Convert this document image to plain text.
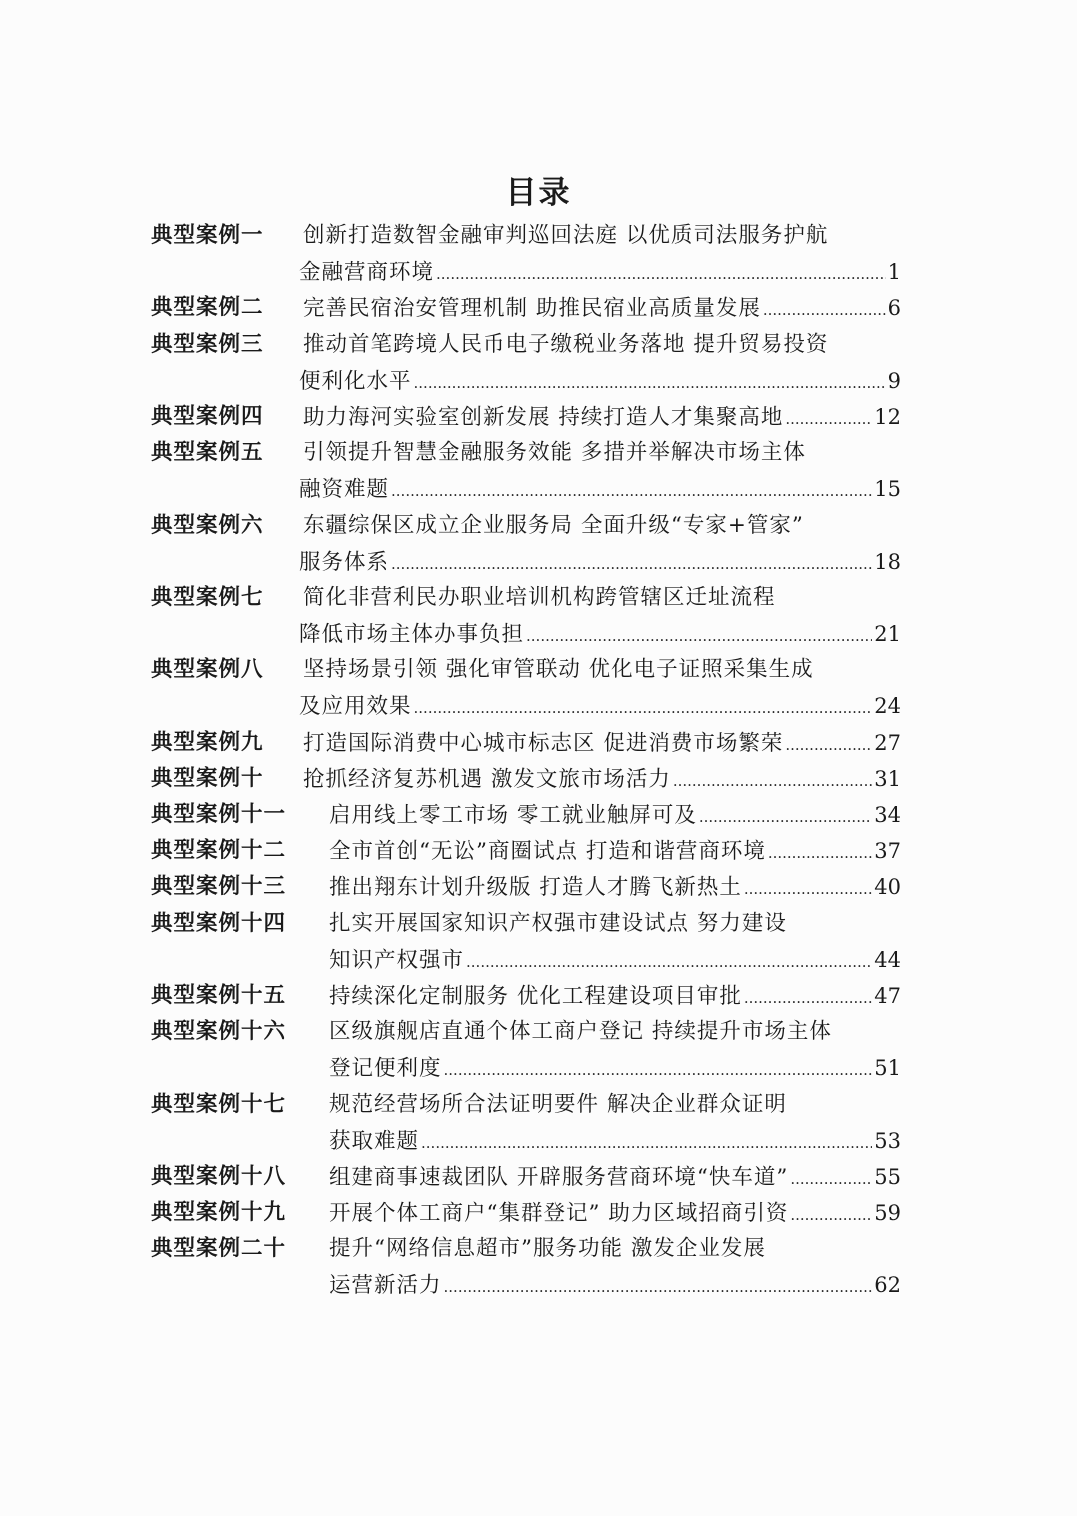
目录
典型案例一 创新打造数智金融审判巡回法庭 以优质司法服务护航
金融营商环境 .....	1
典型案例二 完善民宿治安管理机制 助推民宿业高质量发展 .....	6
典型案例三 推动首笔跨境人民币电子缴税业务落地 提升贸易投资
便利化水平 .....	9
典型案例四 助力海河实验室创新发展 持续打造人才集聚高地 .....	12
典型案例五 引领提升智慧金融服务效能 多措并举解决市场主体
融资难题 .....	15
典型案例六 东疆综保区成立企业服务局 全面升级“专家+管家”
服务体系 .....	18
典型案例七 简化非营利民办职业培训机构跨管辖区迁址流程
降低市场主体办事负担 .....	21
典型案例八 坚持场景引领 强化审管联动 优化电子证照采集生成
及应用效果 .....	24
典型案例九 打造国际消费中心城市标志区 促进消费市场繁荣 .....	27
典型案例十 抢抓经济复苏机遇 激发文旅市场活力 .....	31
典型案例十一 启用线上零工市场 零工就业触屏可及 .....	34
典型案例十二 全市首创“无讼”商圈试点 打造和谐营商环境 .....	37
典型案例十三 推出翔东计划升级版 打造人才腾飞新热土 .....	40
典型案例十四 扎实开展国家知识产权强市建设试点 努力建设
知识产权强市 .....	44
典型案例十五 持续深化定制服务 优化工程建设项目审批 .....	47
典型案例十六 区级旗舰店直通个体工商户登记 持续提升市场主体
登记便利度 .....	51
典型案例十七 规范经营场所合法证明要件 解决企业群众证明
获取难题 .....	53
典型案例十八 组建商事速裁团队 开辟服务营商环境“快车道” .....	55
典型案例十九 开展个体工商户“集群登记” 助力区域招商引资 .....	59
典型案例二十 提升“网络信息超市”服务功能 激发企业发展
运营新活力 .....	62
